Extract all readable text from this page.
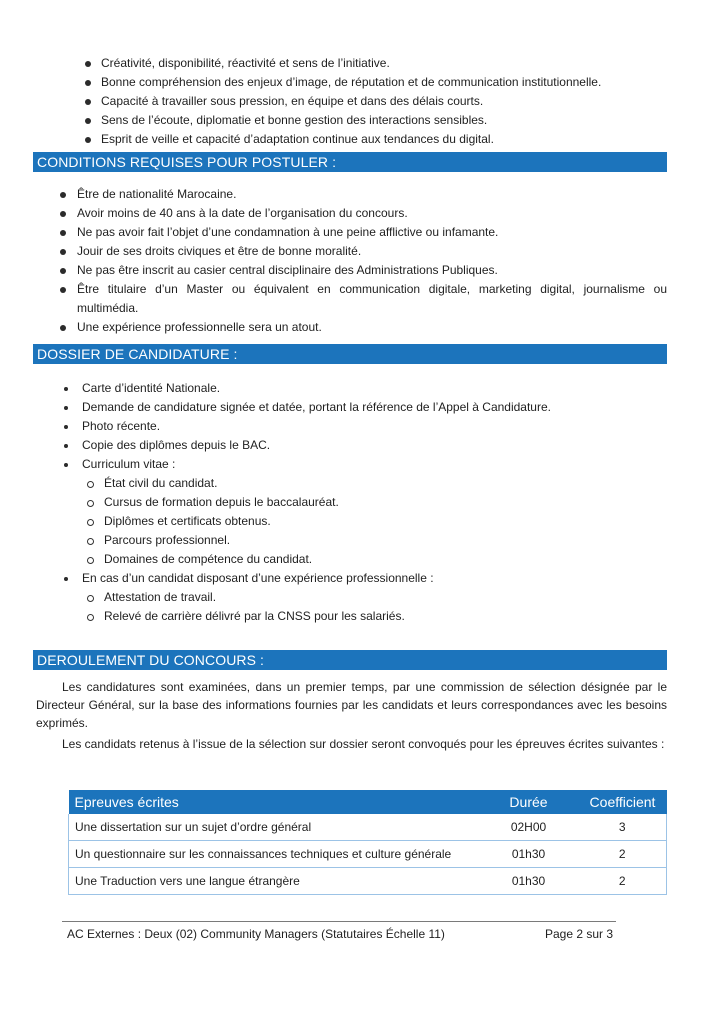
Créativité, disponibilité, réactivité et sens de l’initiative.
Bonne compréhension des enjeux d’image, de réputation et de communication institutionnelle.
Capacité à travailler sous pression, en équipe et dans des délais courts.
Sens de l’écoute, diplomatie et bonne gestion des interactions sensibles.
Esprit de veille et capacité d’adaptation continue aux tendances du digital.
CONDITIONS REQUISES POUR POSTULER :
Être de nationalité Marocaine.
Avoir moins de 40 ans à la date de l’organisation du concours.
Ne pas avoir fait l’objet d’une condamnation à une peine afflictive ou infamante.
Jouir de ses droits civiques et être de bonne moralité.
Ne pas être inscrit au casier central disciplinaire des Administrations Publiques.
Être titulaire d’un Master ou équivalent en communication digitale, marketing digital, journalisme ou multimédia.
Une expérience professionnelle sera un atout.
DOSSIER DE CANDIDATURE :
Carte d’identité Nationale.
Demande de candidature signée et datée, portant la référence de l’Appel à Candidature.
Photo récente.
Copie des diplômes depuis le BAC.
Curriculum vitae :
État civil du candidat.
Cursus de formation depuis le baccalauréat.
Diplômes et certificats obtenus.
Parcours professionnel.
Domaines de compétence du candidat.
En cas d’un candidat disposant d’une expérience professionnelle :
Attestation de travail.
Relevé de carrière délivré par la CNSS pour les salariés.
DEROULEMENT DU CONCOURS :

Les candidatures sont examinées, dans un premier temps, par une commission de sélection désignée par le Directeur Général, sur la base des informations fournies par les candidats et leurs correspondances avec les besoins exprimés.

Les candidats retenus à l’issue de la sélection sur dossier seront convoqués pour les épreuves écrites suivantes :

Epreuves écrites	Durée	Coefficient
Une dissertation sur un sujet d’ordre général	02H00	3
Un questionnaire sur les connaissances techniques et culture générale	01h30	2
Une Traduction vers une langue étrangère	01h30	2
AC Externes : Deux (02) Community Managers (Statutaires Échelle 11)	Page 2 sur 3
